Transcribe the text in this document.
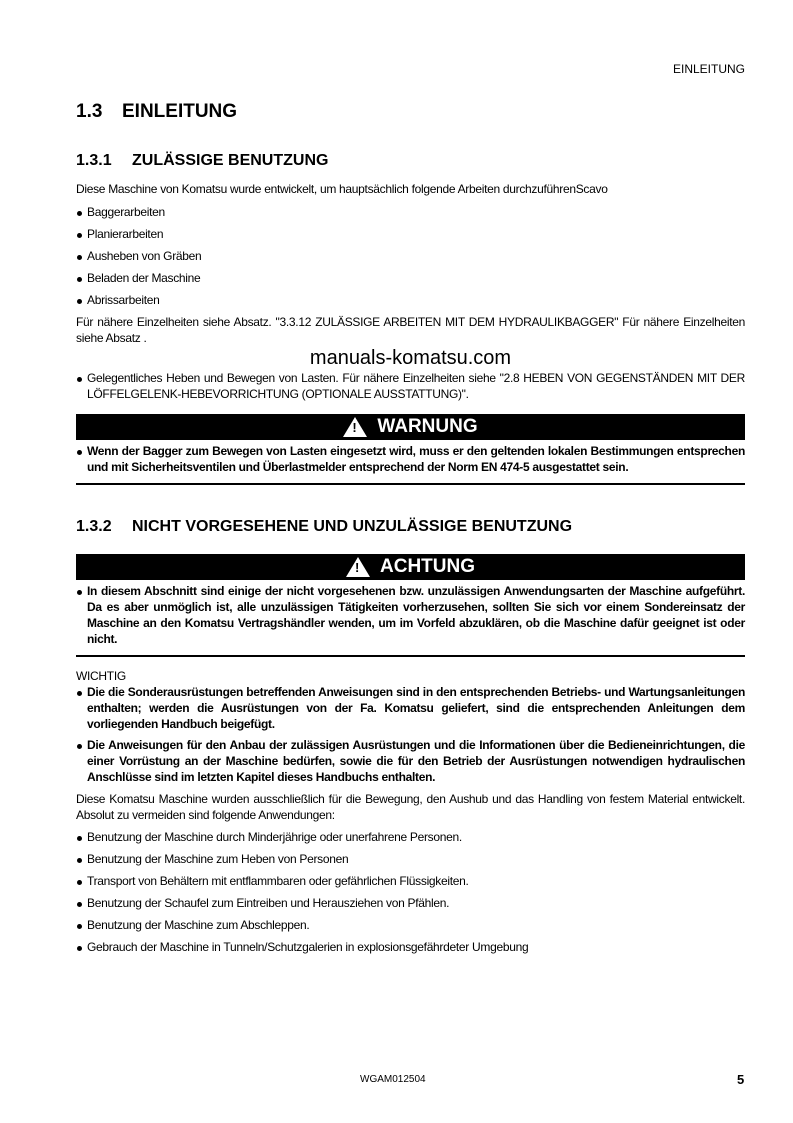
EINLEITUNG
1.3 EINLEITUNG
1.3.1 ZULÄSSIGE BENUTZUNG

Diese Maschine von Komatsu wurde entwickelt, um hauptsächlich folgende Arbeiten durchzuführenScavo

Baggerarbeiten

Planierarbeiten

Ausheben von Gräben

Beladen der Maschine

Abrissarbeiten

Für nähere Einzelheiten siehe Absatz. "3.3.12 ZULÄSSIGE ARBEITEN MIT DEM HYDRAULIKBAGGER" Für nähere Einzelheiten siehe Absatz .

manuals-komatsu.com

Gelegentliches Heben und Bewegen von Lasten. Für nähere Einzelheiten siehe "2.8 HEBEN VON GEGENSTÄNDEN MIT DER LÖFFELGELENK-HEBEVORRICHTUNG (OPTIONALE AUSSTATTUNG)".

! WARNUNG

Wenn der Bagger zum Bewegen von Lasten eingesetzt wird, muss er den geltenden lokalen Bestimmungen entsprechen und mit Sicherheitsventilen und Überlastmelder entsprechend der Norm EN 474-5 ausgestattet sein.

1.3.2 NICHT VORGESEHENE UND UNZULÄSSIGE BENUTZUNG
! ACHTUNG

In diesem Abschnitt sind einige der nicht vorgesehenen bzw. unzulässigen Anwendungsarten der Maschine aufgeführt. Da es aber unmöglich ist, alle unzulässigen Tätigkeiten vorherzusehen, sollten Sie sich vor einem Sondereinsatz der Maschine an den Komatsu Vertragshändler wenden, um im Vorfeld abzuklären, ob die Maschine dafür geeignet ist oder nicht.

WICHTIG

Die die Sonderausrüstungen betreffenden Anweisungen sind in den entsprechenden Betriebs- und Wartungsanleitungen enthalten; werden die Ausrüstungen von der Fa. Komatsu geliefert, sind die entsprechenden Anleitungen dem vorliegenden Handbuch beigefügt.

Die Anweisungen für den Anbau der zulässigen Ausrüstungen und die Informationen über die Bedieneinrichtungen, die einer Vorrüstung an der Maschine bedürfen, sowie die für den Betrieb der Ausrüstungen notwendigen hydraulischen Anschlüsse sind im letzten Kapitel dieses Handbuchs enthalten.

Diese Komatsu Maschine wurden ausschließlich für die Bewegung, den Aushub und das Handling von festem Material entwickelt. Absolut zu vermeiden sind folgende Anwendungen:

Benutzung der Maschine durch Minderjährige oder unerfahrene Personen.

Benutzung der Maschine zum Heben von Personen

Transport von Behältern mit entflammbaren oder gefährlichen Flüssigkeiten.

Benutzung der Schaufel zum Eintreiben und Herausziehen von Pfählen.

Benutzung der Maschine zum Abschleppen.

Gebrauch der Maschine in Tunneln/Schutzgalerien in explosionsgefährdeter Umgebung

WGAM012504	5
